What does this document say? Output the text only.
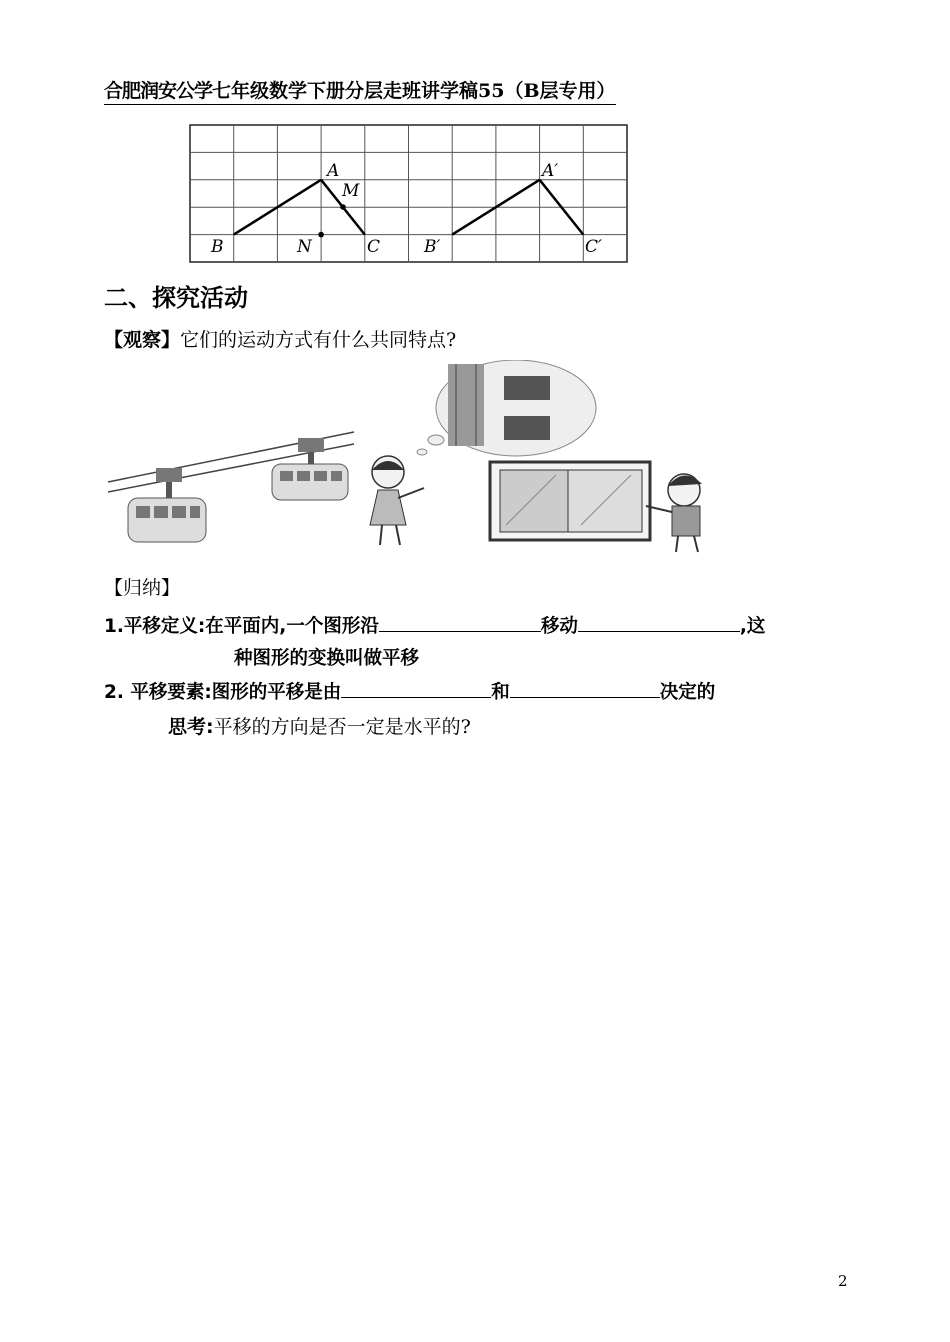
合肥润安公学七年级数学下册分层走班讲学稿55（B层专用）
A
M
B	N	C
A′
B′	C′
二、探究活动
【观察】它们的运动方式有什么共同特点?
【归纳】
1.平移定义:在平面内,一个图形沿	移动	,这
种图形的变换叫做平移
2. 平移要素:图形的平移是由	和	决定的
思考:平移的方向是否一定是水平的?
2
